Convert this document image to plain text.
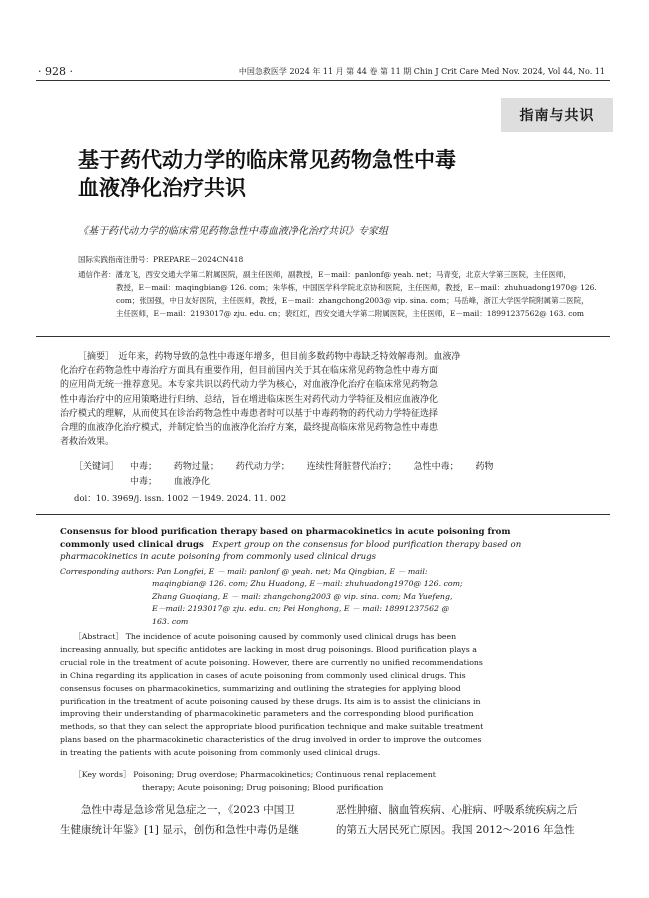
· 928 ·	中国急救医学 2024 年 11 月 第 44 卷 第 11 期 Chin J Crit Care Med Nov. 2024, Vol 44, No. 11
指南与共识
基于药代动力学的临床常见药物急性中毒
血液净化治疗共识
《基于药代动力学的临床常见药物急性中毒血液净化治疗共识》专家组
国际实践指南注册号：PREPARE－2024CN418
通信作者：潘龙飞，西安交通大学第二附属医院，副主任医师，副教授，E－mail：panlonf@ yeah. net；马青变，北京大学第三医院，主任医师，
教授，E－mail：maqingbian@ 126. com；朱华栋，中国医学科学院北京协和医院，主任医师，教授，E－mail：zhuhuadong1970@ 126.
com；张国强，中日友好医院，主任医师，教授，E－mail：zhangchong2003@ vip. sina. com；马岳峰，浙江大学医学院附属第二医院，
主任医师，E－mail：2193017@ zju. edu. cn；裴红红，西安交通大学第二附属医院，主任医师，E－mail：18991237562@ 163. com
［摘要］　近年来，药物导致的急性中毒逐年增多，但目前多数药物中毒缺乏特效解毒剂。血液净
化治疗在药物急性中毒治疗方面具有重要作用，但目前国内关于其在临床常见药物急性中毒方面
的应用尚无统一推荐意见。本专家共识以药代动力学为核心，对血液净化治疗在临床常见药物急
性中毒治疗中的应用策略进行归纳、总结，旨在增进临床医生对药代动力学特征及相应血液净化
治疗模式的理解，从而使其在诊治药物急性中毒患者时可以基于中毒药物的药代动力学特征选择
合理的血液净化治疗模式，并制定恰当的血液净化治疗方案，最终提高临床常见药物急性中毒患
者救治效果。
［关键词］	中毒； 药物过量； 药代动力学； 连续性肾脏替代治疗； 急性中毒； 药物
中毒； 血液净化
doi：10. 3969/j. issn. 1002 －1949. 2024. 11. 002
Consensus for blood purification therapy based on pharmacokinetics in acute poisoning from
commonly used clinical drugs Expert group on the consensus for blood purification therapy based on
pharmacokinetics in acute poisoning from commonly used clinical drugs
Corresponding authors: Pan Longfei, E － mail: panlonf @ yeah. net; Ma Qingbian, E － mail:
maqingbian@ 126. com; Zhu Huadong, E－mail: zhuhuadong1970@ 126. com;
Zhang Guoqiang, E － mail: zhangchong2003 @ vip. sina. com; Ma Yuefeng,
E－mail: 2193017@ zju. edu. cn; Pei Honghong, E － mail: 18991237562 @
163. com
［Abstract］ The incidence of acute poisoning caused by commonly used clinical drugs has been
increasing annually, but specific antidotes are lacking in most drug poisonings. Blood purification plays a
crucial role in the treatment of acute poisoning. However, there are currently no unified recommendations
in China regarding its application in cases of acute poisoning from commonly used clinical drugs. This
consensus focuses on pharmacokinetics, summarizing and outlining the strategies for applying blood
purification in the treatment of acute poisoning caused by these drugs. Its aim is to assist the clinicians in
improving their understanding of pharmacokinetic parameters and the corresponding blood purification
methods, so that they can select the appropriate blood purification technique and make suitable treatment
plans based on the pharmacokinetic characteristics of the drug involved in order to improve the outcomes
in treating the patients with acute poisoning from commonly used clinical drugs.
［Key words］ Poisoning; Drug overdose; Pharmacokinetics; Continuous renal replacement
therapy; Acute poisoning; Drug poisoning; Blood purification
急性中毒是急诊常见急症之一，《2023 中国卫
生健康统计年鉴》[1] 显示，创伤和急性中毒仍是继
恶性肿瘤、脑血管疾病、心脏病、呼吸系统疾病之后
的第五大居民死亡原因。我国 2012～2016 年急性
